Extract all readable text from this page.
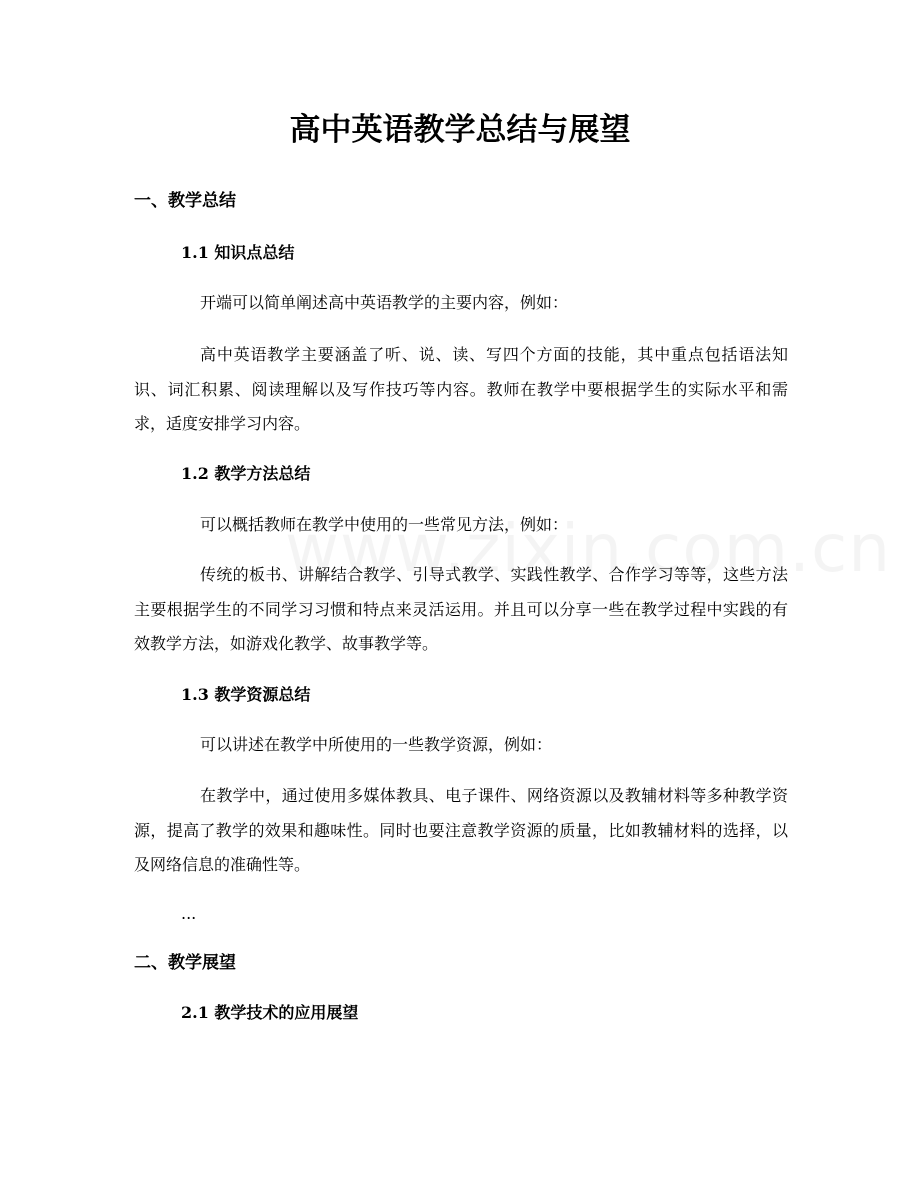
高中英语教学总结与展望
一、教学总结
1.1 知识点总结

开端可以简单阐述高中英语教学的主要内容，例如：

高中英语教学主要涵盖了听、说、读、写四个方面的技能，其中重点包括语法知识、词汇积累、阅读理解以及写作技巧等内容。教师在教学中要根据学生的实际水平和需求，适度安排学习内容。

1.2 教学方法总结

可以概括教师在教学中使用的一些常见方法，例如：

传统的板书、讲解结合教学、引导式教学、实践性教学、合作学习等等，这些方法主要根据学生的不同学习习惯和特点来灵活运用。并且可以分享一些在教学过程中实践的有效教学方法，如游戏化教学、故事教学等。

1.3 教学资源总结

可以讲述在教学中所使用的一些教学资源，例如：

在教学中，通过使用多媒体教具、电子课件、网络资源以及教辅材料等多种教学资源，提高了教学的效果和趣味性。同时也要注意教学资源的质量，比如教辅材料的选择，以及网络信息的准确性等。

...

二、教学展望
2.1 教学技术的应用展望
